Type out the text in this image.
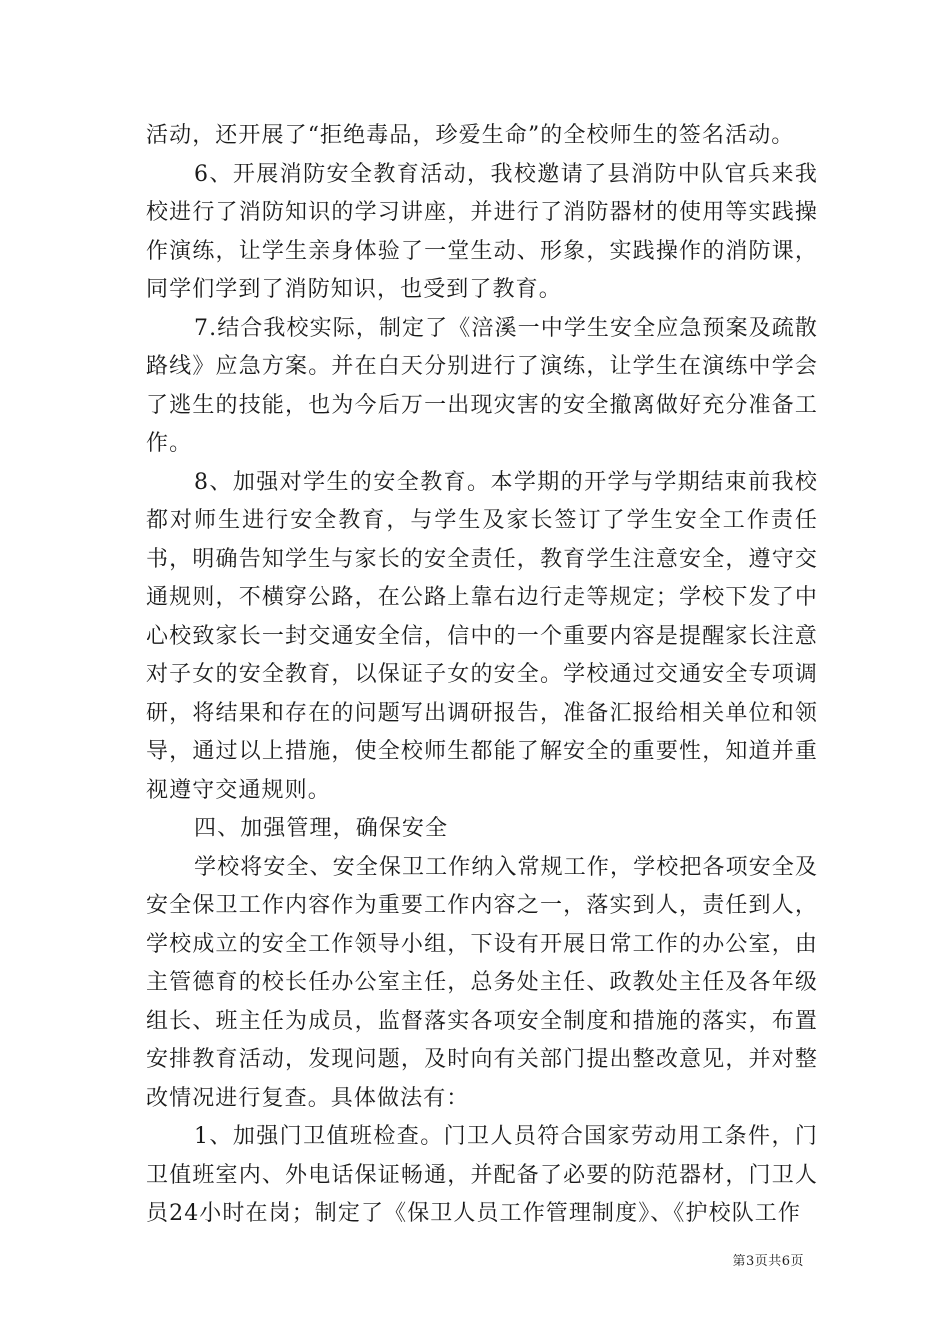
活动，还开展了“拒绝毒品，珍爱生命”的全校师生的签名活动。

6、开展消防安全教育活动，我校邀请了县消防中队官兵来我校进行了消防知识的学习讲座，并进行了消防器材的使用等实践操作演练，让学生亲身体验了一堂生动、形象，实践操作的消防课，同学们学到了消防知识，也受到了教育。

7.结合我校实际，制定了《涪溪一中学生安全应急预案及疏散路线》应急方案。并在白天分别进行了演练，让学生在演练中学会了逃生的技能，也为今后万一出现灾害的安全撤离做好充分准备工作。

8、加强对学生的安全教育。本学期的开学与学期结束前我校都对师生进行安全教育，与学生及家长签订了学生安全工作责任书，明确告知学生与家长的安全责任，教育学生注意安全，遵守交通规则，不横穿公路，在公路上靠右边行走等规定；学校下发了中心校致家长一封交通安全信，信中的一个重要内容是提醒家长注意对子女的安全教育，以保证子女的安全。学校通过交通安全专项调研，将结果和存在的问题写出调研报告，准备汇报给相关单位和领导，通过以上措施，使全校师生都能了解安全的重要性，知道并重视遵守交通规则。

四、加强管理，确保安全

学校将安全、安全保卫工作纳入常规工作，学校把各项安全及安全保卫工作内容作为重要工作内容之一，落实到人，责任到人，学校成立的安全工作领导小组，下设有开展日常工作的办公室，由主管德育的校长任办公室主任，总务处主任、政教处主任及各年级组长、班主任为成员，监督落实各项安全制度和措施的落实，布置安排教育活动，发现问题，及时向有关部门提出整改意见，并对整改情况进行复查。具体做法有：

1、加强门卫值班检查。门卫人员符合国家劳动用工条件，门卫值班室内、外电话保证畅通，并配备了必要的防范器材，门卫人员24小时在岗；制定了《保卫人员工作管理制度》、《护校队工作

第3页共6页
